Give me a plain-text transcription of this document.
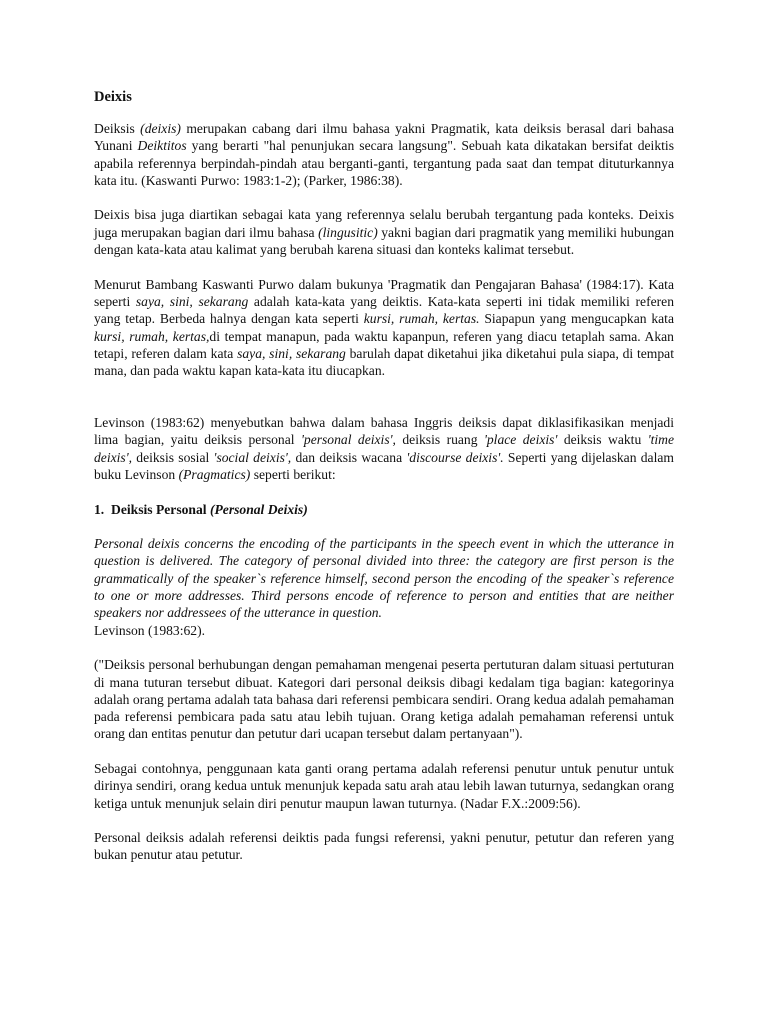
Deixis

Deiksis (deixis) merupakan cabang dari ilmu bahasa yakni Pragmatik, kata deiksis berasal dari bahasa Yunani Deiktitos yang berarti "hal penunjukan secara langsung". Sebuah kata dikatakan bersifat deiktis apabila referennya berpindah-pindah atau berganti-ganti, tergantung pada saat dan tempat dituturkannya kata itu. (Kaswanti Purwo: 1983:1-2); (Parker, 1986:38).

Deixis bisa juga diartikan sebagai kata yang referennya selalu berubah tergantung pada konteks. Deixis juga merupakan bagian dari ilmu bahasa (lingusitic) yakni bagian dari pragmatik yang memiliki hubungan dengan kata-kata atau kalimat yang berubah karena situasi dan konteks kalimat tersebut.

Menurut Bambang Kaswanti Purwo dalam bukunya 'Pragmatik dan Pengajaran Bahasa' (1984:17). Kata seperti saya, sini, sekarang adalah kata-kata yang deiktis. Kata-kata seperti ini tidak memiliki referen yang tetap. Berbeda halnya dengan kata seperti kursi, rumah, kertas. Siapapun yang mengucapkan kata kursi, rumah, kertas,di tempat manapun, pada waktu kapanpun, referen yang diacu tetaplah sama. Akan tetapi, referen dalam kata saya, sini, sekarang barulah dapat diketahui jika diketahui pula siapa, di tempat mana, dan pada waktu kapan kata-kata itu diucapkan.

Levinson (1983:62) menyebutkan bahwa dalam bahasa Inggris deiksis dapat diklasifikasikan menjadi lima bagian, yaitu deiksis personal 'personal deixis', deiksis ruang 'place deixis' deiksis waktu 'time deixis', deiksis sosial 'social deixis', dan deiksis wacana 'discourse deixis'. Seperti yang dijelaskan dalam buku Levinson (Pragmatics) seperti berikut:

1. Deiksis Personal (Personal Deixis)

Personal deixis concerns the encoding of the participants in the speech event in which the utterance in question is delivered. The category of personal divided into three: the category are first person is the grammatically of the speaker`s reference himself, second person the encoding of the speaker`s reference to one or more addresses. Third persons encode of reference to person and entities that are neither speakers nor addressees of the utterance in question.

Levinson (1983:62).

("Deiksis personal berhubungan dengan pemahaman mengenai peserta pertuturan dalam situasi pertuturan di mana tuturan tersebut dibuat. Kategori dari personal deiksis dibagi kedalam tiga bagian: kategorinya adalah orang pertama adalah tata bahasa dari referensi pembicara sendiri. Orang kedua adalah pemahaman pada referensi pembicara pada satu atau lebih tujuan. Orang ketiga adalah pemahaman referensi untuk orang dan entitas penutur dan petutur dari ucapan tersebut dalam pertanyaan").

Sebagai contohnya, penggunaan kata ganti orang pertama adalah referensi penutur untuk penutur untuk dirinya sendiri, orang kedua untuk menunjuk kepada satu arah atau lebih lawan tuturnya, sedangkan orang ketiga untuk menunjuk selain diri penutur maupun lawan tuturnya. (Nadar F.X.:2009:56).

Personal deiksis adalah referensi deiktis pada fungsi referensi, yakni penutur, petutur dan referen yang bukan penutur atau petutur.
